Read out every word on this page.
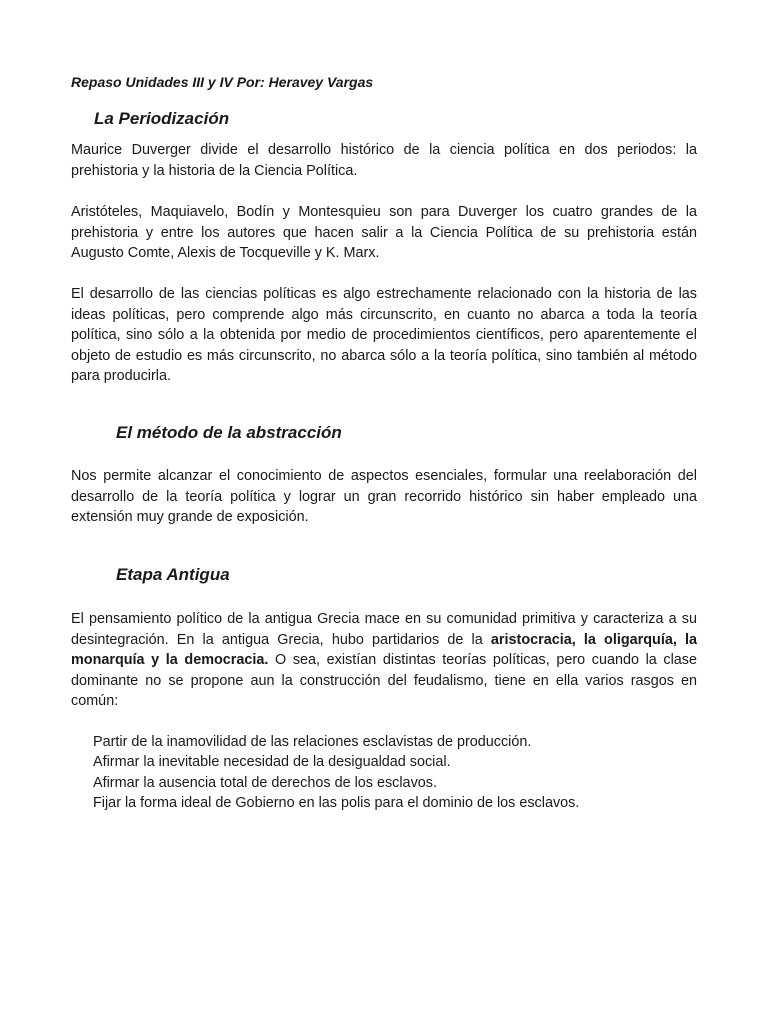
Repaso Unidades III y IV Por: Heravey Vargas

La Periodización

Maurice Duverger divide el desarrollo histórico de la ciencia política en dos periodos: la prehistoria y la historia de la Ciencia Política.

Aristóteles, Maquiavelo, Bodín y Montesquieu son para Duverger los cuatro grandes de la prehistoria y entre los autores que hacen salir a la Ciencia Política de su prehistoria están Augusto Comte, Alexis de Tocqueville y K. Marx.

El desarrollo de las ciencias políticas es algo estrechamente relacionado con la historia de las ideas políticas, pero comprende algo más circunscrito, en cuanto no abarca a toda la teoría política, sino sólo a la obtenida por medio de procedimientos científicos, pero aparentemente el objeto de estudio es más circunscrito, no abarca sólo a la teoría política, sino también al método para producirla.

El método de la abstracción

Nos permite alcanzar el conocimiento de aspectos esenciales, formular una reelaboración del desarrollo de la teoría política y lograr un gran recorrido histórico sin haber empleado una extensión muy grande de exposición.

Etapa Antigua

El pensamiento político de la antigua Grecia mace en su comunidad primitiva y caracteriza a su desintegración. En la antigua Grecia, hubo partidarios de la aristocracia, la oligarquía, la monarquía y la democracia. O sea, existían distintas teorías políticas, pero cuando la clase dominante no se propone aun la construcción del feudalismo, tiene en ella varios rasgos en común:

Partir de la inamovilidad de las relaciones esclavistas de producción.
Afirmar la inevitable necesidad de la desigualdad social.
Afirmar la ausencia total de derechos de los esclavos.
Fijar la forma ideal de Gobierno en las polis para el dominio de los esclavos.
